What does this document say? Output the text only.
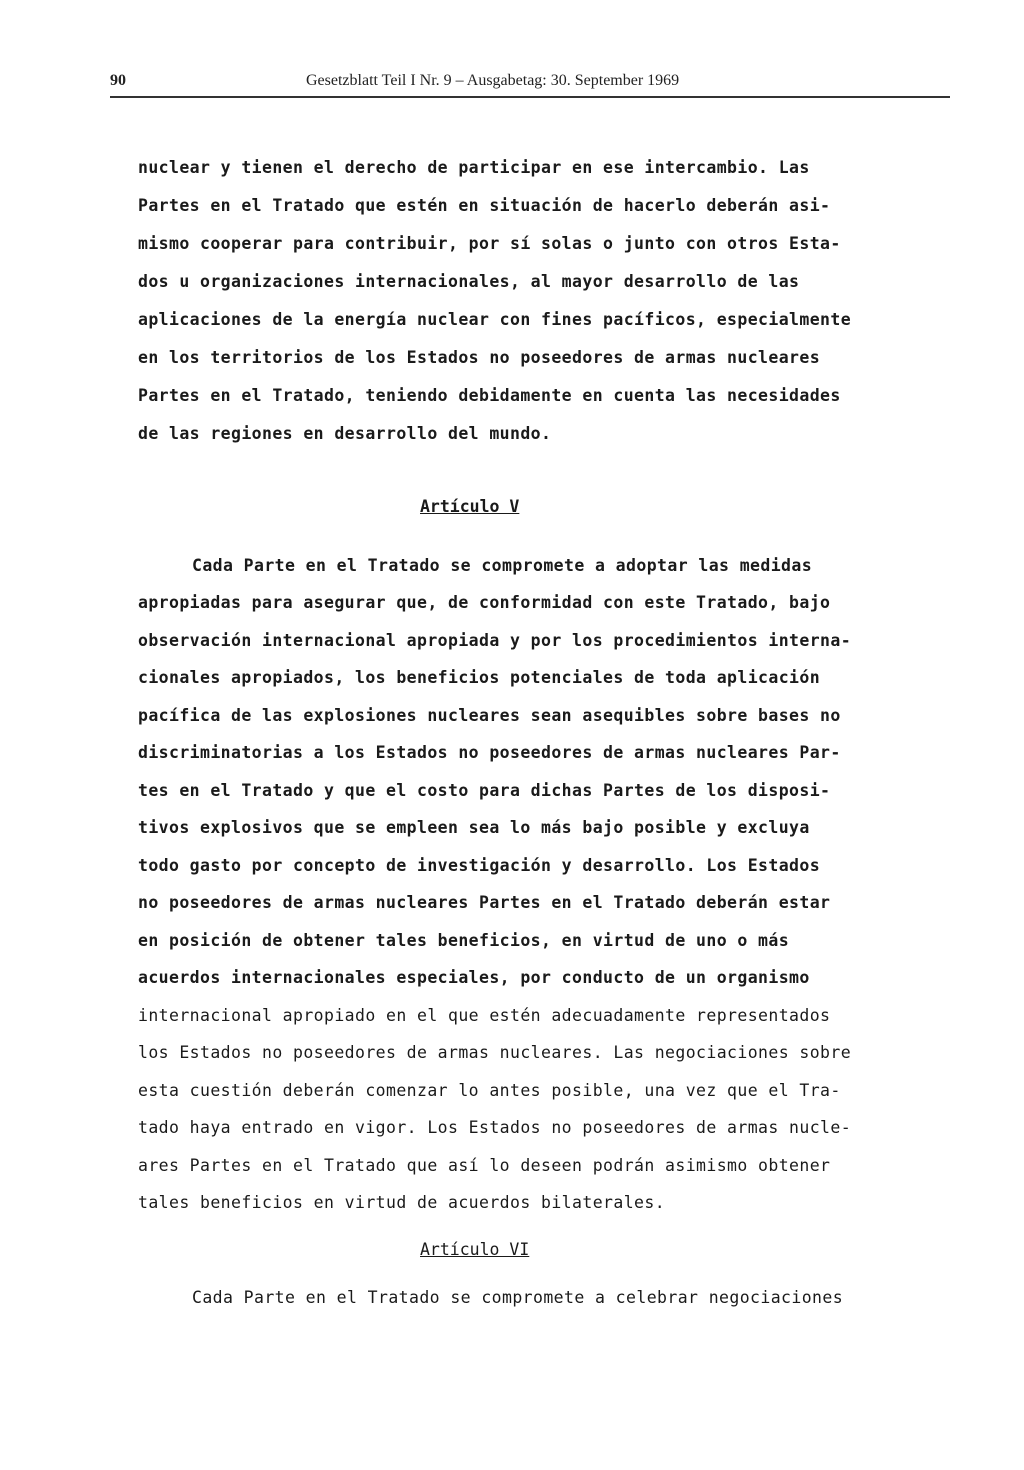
90	Gesetzblatt Teil I Nr. 9 – Ausgabetag: 30. September 1969
nuclear y tienen el derecho de participar en ese intercambio. Las
Partes en el Tratado que estén en situación de hacerlo deberán asi-
mismo cooperar para contribuir, por sí solas o junto con otros Esta-
dos u organizaciones internacionales, al mayor desarrollo de las
aplicaciones de la energía nuclear con fines pacíficos, especialmente
en los territorios de los Estados no poseedores de armas nucleares
Partes en el Tratado, teniendo debidamente en cuenta las necesidades
de las regiones en desarrollo del mundo.
Artículo V
Cada Parte en el Tratado se compromete a adoptar las medidas
apropiadas para asegurar que, de conformidad con este Tratado, bajo
observación internacional apropiada y por los procedimientos interna-
cionales apropiados, los beneficios potenciales de toda aplicación
pacífica de las explosiones nucleares sean asequibles sobre bases no
discriminatorias a los Estados no poseedores de armas nucleares Par-
tes en el Tratado y que el costo para dichas Partes de los disposi-
tivos explosivos que se empleen sea lo más bajo posible y excluya
todo gasto por concepto de investigación y desarrollo. Los Estados
no poseedores de armas nucleares Partes en el Tratado deberán estar
en posición de obtener tales beneficios, en virtud de uno o más
acuerdos internacionales especiales, por conducto de un organismo
internacional apropiado en el que estén adecuadamente representados
los Estados no poseedores de armas nucleares. Las negociaciones sobre
esta cuestión deberán comenzar lo antes posible, una vez que el Tra-
tado haya entrado en vigor. Los Estados no poseedores de armas nucle-
ares Partes en el Tratado que así lo deseen podrán asimismo obtener
tales beneficios en virtud de acuerdos bilaterales.
Artículo VI
Cada Parte en el Tratado se compromete a celebrar negociaciones
